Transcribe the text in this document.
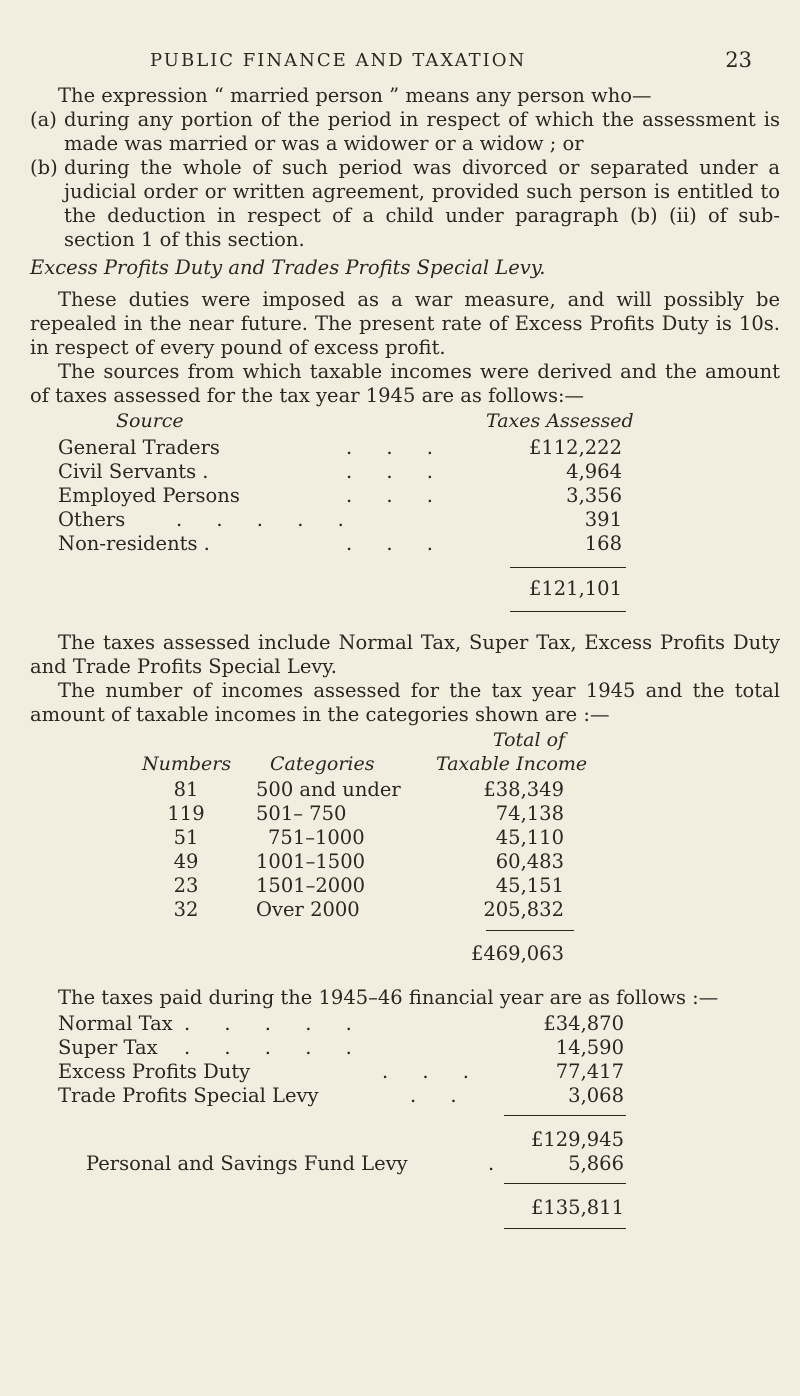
PUBLIC FINANCE AND TAXATION	23
The expression “ married person ” means any person who—
(a) during any portion of the period in respect of which the assessment is made was married or was a widower or a widow ; or
(b) during the whole of such period was divorced or separated under a judicial order or written agreement, provided such person is entitled to the deduction in respect of a child under paragraph (b) (ii) of sub-section 1 of this section.
Excess Profits Duty and Trades Profits Special Levy.
These duties were imposed as a war measure, and will possibly be repealed in the near future. The present rate of Excess Profits Duty is 10s. in respect of every pound of excess profit.
The sources from which taxable incomes were derived and the amount of taxes assessed for the tax year 1945 are as follows:—
Source	Taxes Assessed
General Traders	. . .	£112,222
Civil Servants .	. . .	4,964
Employed Persons	. . .	3,356
Others	. . . . .	391
Non-residents .	. . .	168
£121,101
The taxes assessed include Normal Tax, Super Tax, Excess Profits Duty and Trade Profits Special Levy.
The number of incomes assessed for the tax year 1945 and the total amount of taxable incomes in the categories shown are :—
Total of
Numbers Categories	Taxable Income
81	500 and under	£38,349
119	501– 750	74,138
51	751–1000	45,110
49	1001–1500	60,483
23	1501–2000	45,151
32	Over 2000	205,832
£469,063
The taxes paid during the 1945–46 financial year are as follows :—
Normal Tax . . . . .	£34,870
Super Tax . . . . .	14,590
Excess Profits Duty	. . .	77,417
Trade Profits Special Levy	. .	3,068
£129,945
Personal and Savings Fund Levy	.	5,866
£135,811
